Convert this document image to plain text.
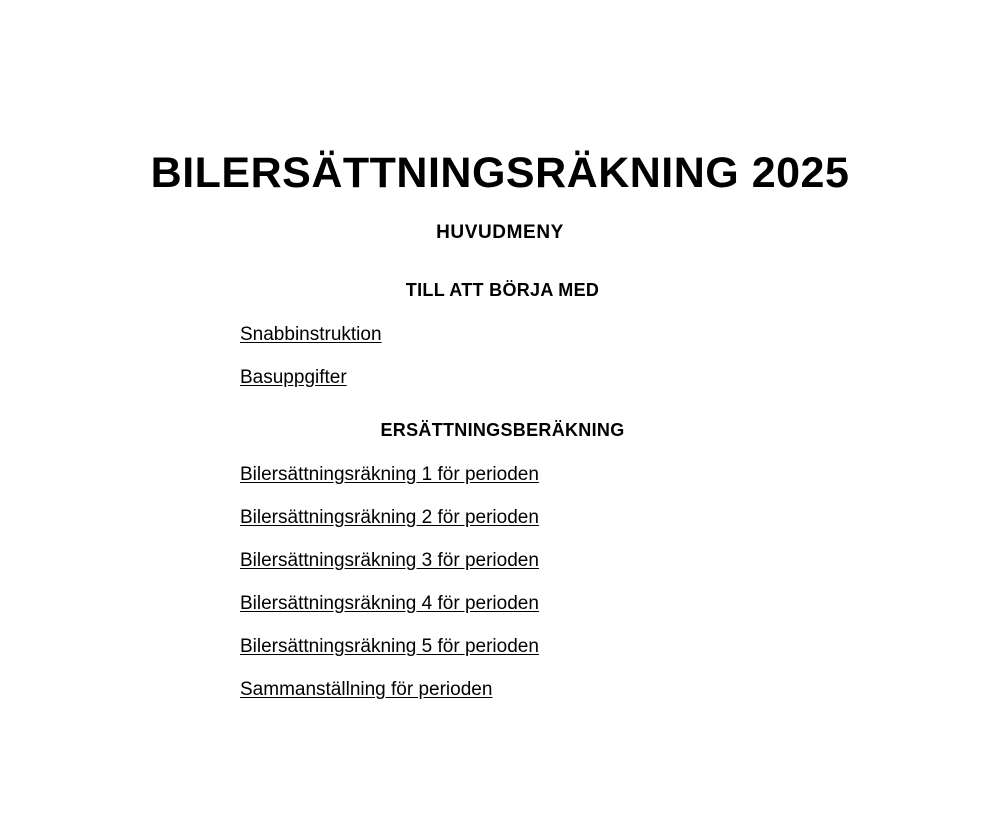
BILERSÄTTNINGSRÄKNING 2025
HUVUDMENY
TILL ATT BÖRJA MED
Snabbinstruktion
Basuppgifter
ERSÄTTNINGSBERÄKNING
Bilersättningsräkning 1 för perioden
Bilersättningsräkning 2 för perioden
Bilersättningsräkning 3 för perioden
Bilersättningsräkning 4 för perioden
Bilersättningsräkning 5 för perioden
Sammanställning för perioden
